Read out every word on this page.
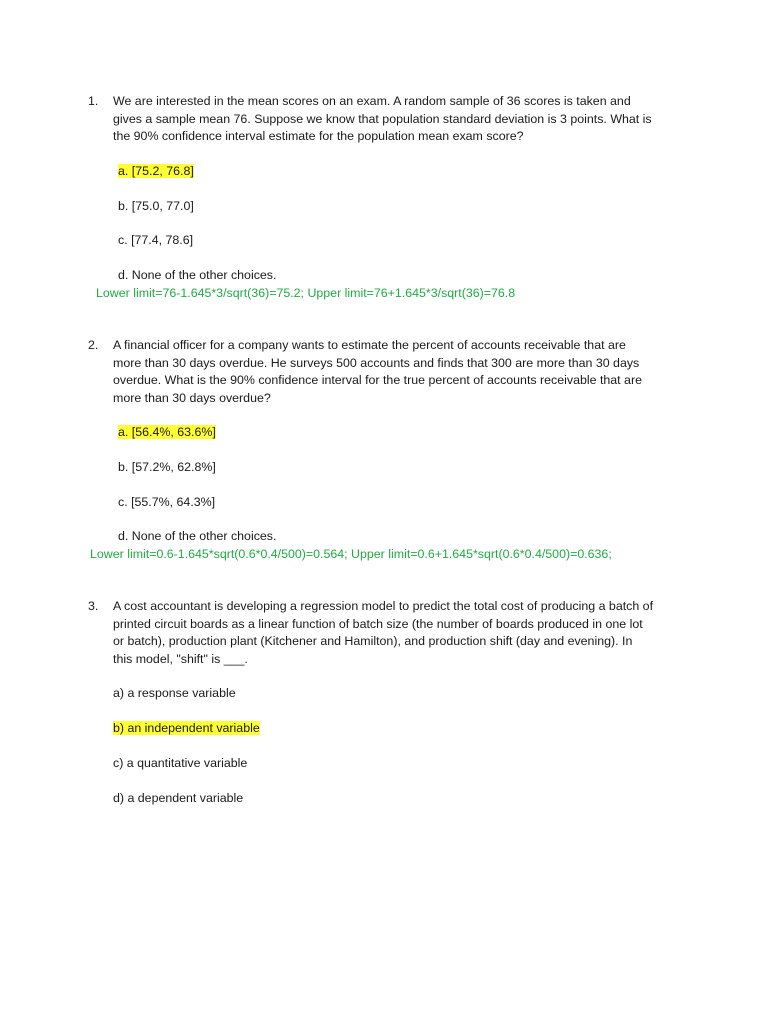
1.	We are interested in the mean scores on an exam. A random sample of 36 scores is taken and gives a sample mean 76. Suppose we know that population standard deviation is 3 points. What is the 90% confidence interval estimate for the population mean exam score?
a. [75.2, 76.8]
b. [75.0, 77.0]
c. [77.4, 78.6]
d. None of the other choices.
Lower limit=76-1.645*3/sqrt(36)=75.2; Upper limit=76+1.645*3/sqrt(36)=76.8
2.	A financial officer for a company wants to estimate the percent of accounts receivable that are more than 30 days overdue. He surveys 500 accounts and finds that 300 are more than 30 days overdue. What is the 90% confidence interval for the true percent of accounts receivable that are more than 30 days overdue?
a. [56.4%, 63.6%]
b. [57.2%, 62.8%]
c. [55.7%, 64.3%]
d. None of the other choices.
Lower limit=0.6-1.645*sqrt(0.6*0.4/500)=0.564; Upper limit=0.6+1.645*sqrt(0.6*0.4/500)=0.636;
3.	A cost accountant is developing a regression model to predict the total cost of producing a batch of printed circuit boards as a linear function of batch size (the number of boards produced in one lot or batch), production plant (Kitchener and Hamilton), and production shift (day and evening). In this model, "shift" is ___.
a) a response variable
b) an independent variable
c) a quantitative variable
d) a dependent variable
